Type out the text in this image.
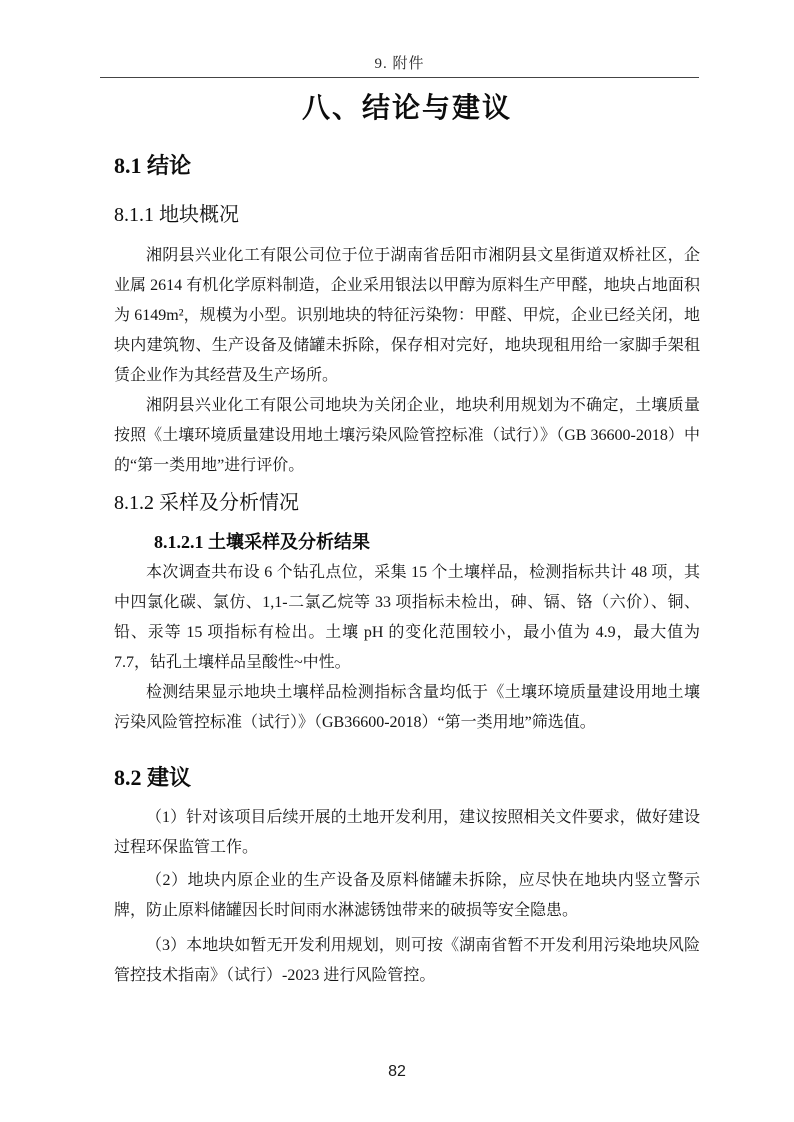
9. 附件
八、结论与建议
8.1 结论
8.1.1 地块概况

湘阴县兴业化工有限公司位于位于湖南省岳阳市湘阴县文星街道双桥社区，企业属 2614 有机化学原料制造，企业采用银法以甲醇为原料生产甲醛，地块占地面积为 6149m²，规模为小型。识别地块的特征污染物：甲醛、甲烷，企业已经关闭，地块内建筑物、生产设备及储罐未拆除，保存相对完好，地块现租用给一家脚手架租赁企业作为其经营及生产场所。

湘阴县兴业化工有限公司地块为关闭企业，地块利用规划为不确定，土壤质量按照《土壤环境质量建设用地土壤污染风险管控标准（试行）》（GB 36600-2018）中的“第一类用地”进行评价。

8.1.2 采样及分析情况
8.1.2.1 土壤采样及分析结果

本次调查共布设 6 个钻孔点位，采集 15 个土壤样品，检测指标共计 48 项，其中四氯化碳、氯仿、1,1-二氯乙烷等 33 项指标未检出，砷、镉、铬（六价）、铜、铅、汞等 15 项指标有检出。土壤 pH 的变化范围较小，最小值为 4.9，最大值为 7.7，钻孔土壤样品呈酸性~中性。

检测结果显示地块土壤样品检测指标含量均低于《土壤环境质量建设用地土壤污染风险管控标准（试行）》（GB36600-2018）“第一类用地”筛选值。

8.2 建议

（1）针对该项目后续开展的土地开发利用，建议按照相关文件要求，做好建设过程环保监管工作。

（2）地块内原企业的生产设备及原料储罐未拆除，应尽快在地块内竖立警示牌，防止原料储罐因长时间雨水淋滤锈蚀带来的破损等安全隐患。

（3）本地块如暂无开发利用规划，则可按《湖南省暂不开发利用污染地块风险管控技术指南》（试行）-2023 进行风险管控。

82
